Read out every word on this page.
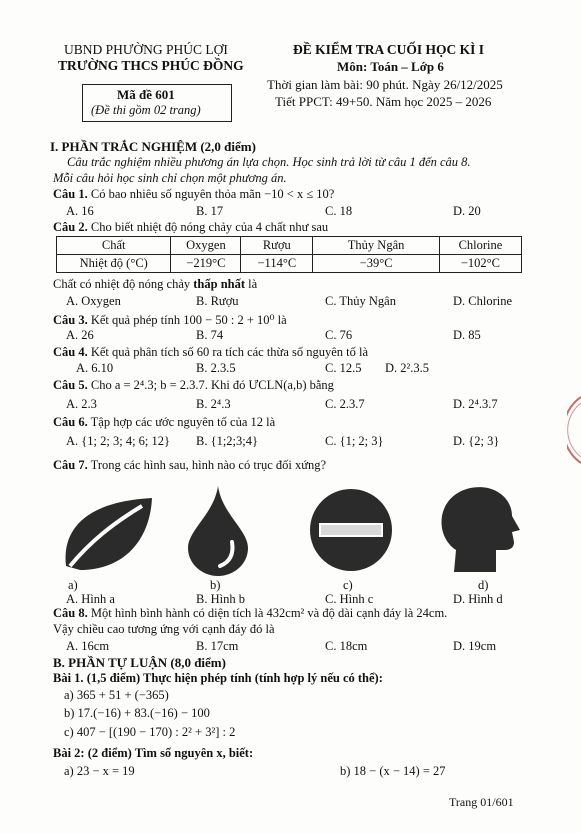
UBND PHƯỜNG PHÚC LỢI
TRƯỜNG THCS PHÚC ĐỒNG
Mã đề 601
(Đề thi gồm 02 trang)
ĐỀ KIỂM TRA CUỐI HỌC KÌ I
Môn: Toán – Lớp 6
Thời gian làm bài: 90 phút. Ngày 26/12/2025
Tiết PPCT: 49+50. Năm học 2025 – 2026
I. PHẦN TRẮC NGHIỆM (2,0 điểm)
Câu trắc nghiệm nhiều phương án lựa chọn. Học sinh trả lời từ câu 1 đến câu 8.
Mỗi câu hỏi học sinh chỉ chọn một phương án.
Câu 1. Có bao nhiêu số nguyên thỏa mãn −10 < x ≤ 10?
A. 16	B. 17	C. 18	D. 20
Câu 2. Cho biết nhiệt độ nóng chảy của 4 chất như sau
Chất	Oxygen	Rượu	Thủy Ngân	Chlorine
Nhiệt độ (°C)	−219°C	−114°C	−39°C	−102°C
Chất có nhiệt độ nóng chảy thấp nhất là
A. Oxygen	B. Rượu	C. Thủy Ngân	D. Chlorine
Câu 3. Kết quả phép tính 100 − 50 : 2 + 10⁰ là
A. 26	B. 74	C. 76	D. 85
Câu 4. Kết quả phân tích số 60 ra tích các thừa số nguyên tố là
A. 6.10	B. 2.3.5	C. 12.5 D. 2².3.5
Câu 5. Cho a = 2⁴.3; b = 2.3.7. Khi đó ƯCLN(a,b) bằng
A. 2.3	B. 2⁴.3	C. 2.3.7	D. 2⁴.3.7
Câu 6. Tập hợp các ước nguyên tố của 12 là
A. {1; 2; 3; 4; 6; 12} B. {1;2;3;4}	C. {1; 2; 3}	D. {2; 3}
Câu 7. Trong các hình sau, hình nào có trục đối xứng?
a)	b)	c)	d)
A. Hình a	B. Hình b	C. Hình c	D. Hình d
Câu 8. Một hình bình hành có diện tích là 432cm² và độ dài cạnh đáy là 24cm.
Vậy chiều cao tương ứng với cạnh đáy đó là
A. 16cm	B. 17cm	C. 18cm	D. 19cm
B. PHẦN TỰ LUẬN (8,0 điểm)
Bài 1. (1,5 điểm) Thực hiện phép tính (tính hợp lý nếu có thể):
a) 365 + 51 + (−365)
b) 17.(−16) + 83.(−16) − 100
c) 407 − [(190 − 170) : 2² + 3²] : 2
Bài 2: (2 điểm) Tìm số nguyên x, biết:
a) 23 − x = 19	b) 18 − (x − 14) = 27
Trang 01/601
